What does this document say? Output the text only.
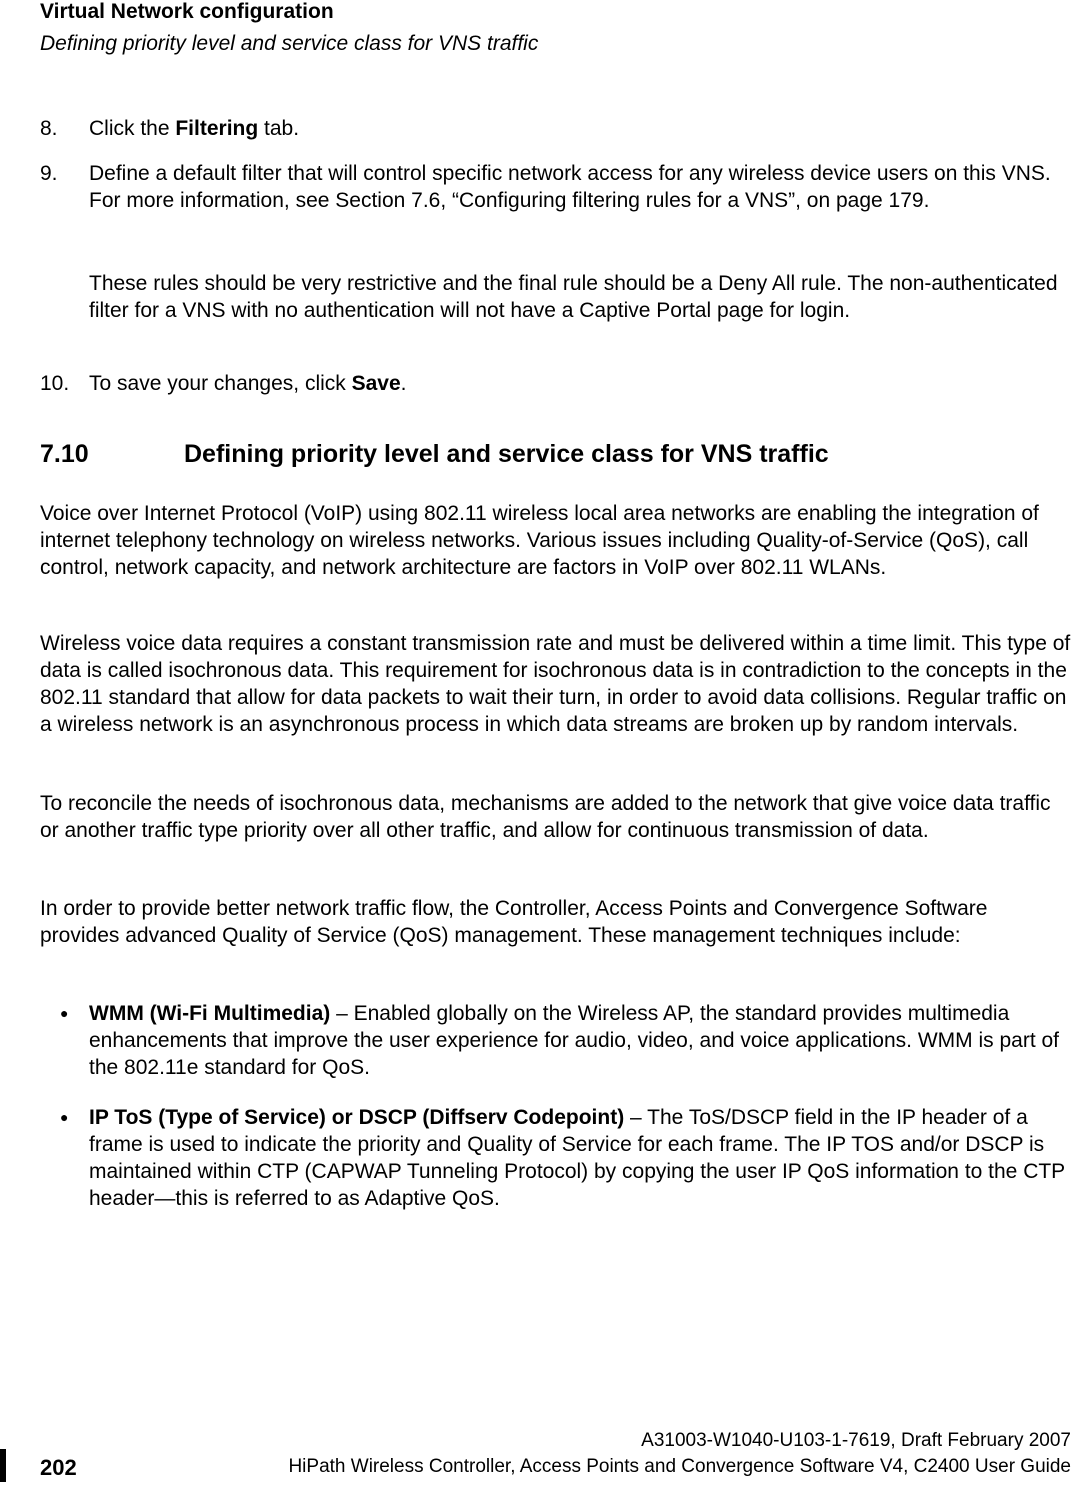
Virtual Network configuration
Defining priority level and service class for VNS traffic
8. Click the Filtering tab.
9. Define a default filter that will control specific network access for any wireless device users on this VNS. For more information, see Section 7.6, “Configuring filtering rules for a VNS”, on page 179.
These rules should be very restrictive and the final rule should be a Deny All rule. The non-authenticated filter for a VNS with no authentication will not have a Captive Portal page for login.
10. To save your changes, click Save.
7.10	Defining priority level and service class for VNS traffic
Voice over Internet Protocol (VoIP) using 802.11 wireless local area networks are enabling the integration of internet telephony technology on wireless networks. Various issues including Quality-of-Service (QoS), call control, network capacity, and network architecture are factors in VoIP over 802.11 WLANs.
Wireless voice data requires a constant transmission rate and must be delivered within a time limit. This type of data is called isochronous data. This requirement for isochronous data is in contradiction to the concepts in the 802.11 standard that allow for data packets to wait their turn, in order to avoid data collisions. Regular traffic on a wireless network is an asynchronous process in which data streams are broken up by random intervals.
To reconcile the needs of isochronous data, mechanisms are added to the network that give voice data traffic or another traffic type priority over all other traffic, and allow for continuous transmission of data.
In order to provide better network traffic flow, the Controller, Access Points and Convergence Software provides advanced Quality of Service (QoS) management. These management techniques include:
● WMM (Wi-Fi Multimedia) – Enabled globally on the Wireless AP, the standard provides multimedia enhancements that improve the user experience for audio, video, and voice applications. WMM is part of the 802.11e standard for QoS.
● IP ToS (Type of Service) or DSCP (Diffserv Codepoint) – The ToS/DSCP field in the IP header of a frame is used to indicate the priority and Quality of Service for each frame. The IP TOS and/or DSCP is maintained within CTP (CAPWAP Tunneling Protocol) by copying the user IP QoS information to the CTP header—this is referred to as Adaptive QoS.
202
A31003-W1040-U103-1-7619, Draft February 2007
HiPath Wireless Controller, Access Points and Convergence Software V4, C2400 User Guide
